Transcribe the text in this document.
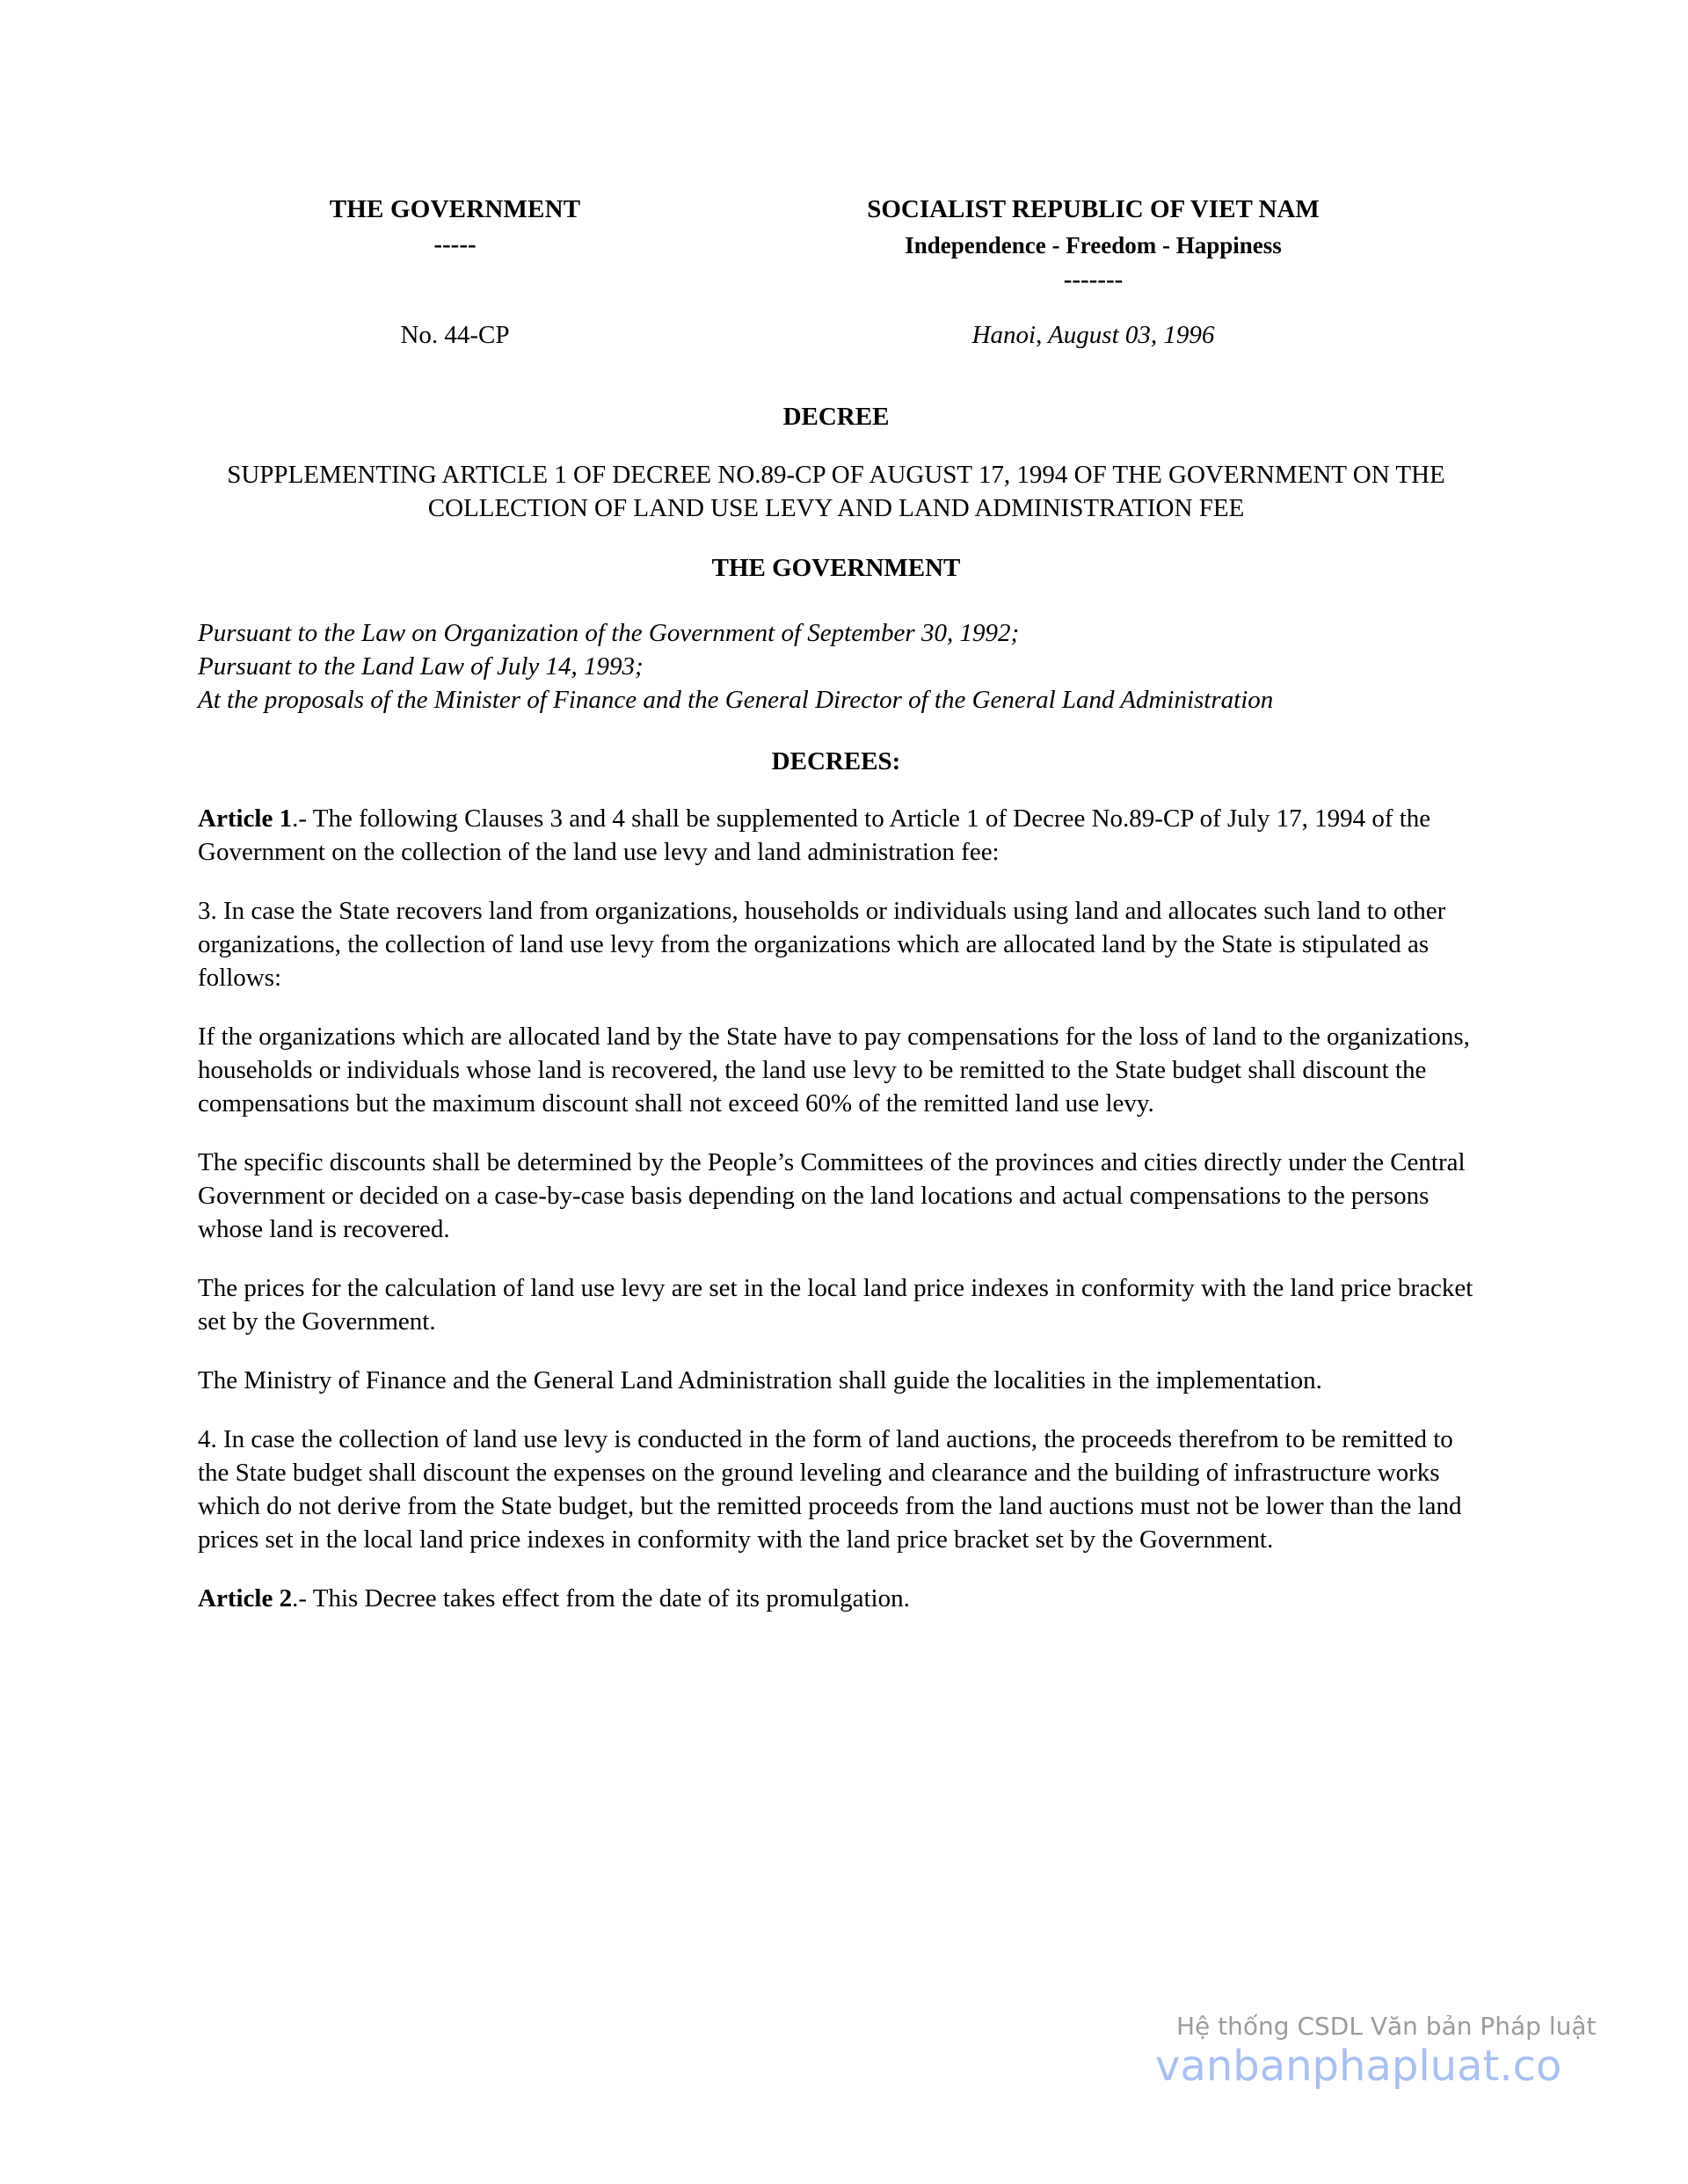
THE GOVERNMENT
-----
SOCIALIST REPUBLIC OF VIET NAM
Independence - Freedom - Happiness
-------
No. 44-CP	Hanoi, August 03, 1996
DECREE
SUPPLEMENTING ARTICLE 1 OF DECREE NO.89-CP OF AUGUST 17, 1994 OF THE GOVERNMENT ON THE COLLECTION OF LAND USE LEVY AND LAND ADMINISTRATION FEE
THE GOVERNMENT
Pursuant to the Law on Organization of the Government of September 30, 1992;
Pursuant to the Land Law of July 14, 1993;
At the proposals of the Minister of Finance and the General Director of the General Land Administration
DECREES:

Article 1.- The following Clauses 3 and 4 shall be supplemented to Article 1 of Decree No.89-CP of July 17, 1994 of the Government on the collection of the land use levy and land administration fee:

3. In case the State recovers land from organizations, households or individuals using land and allocates such land to other organizations, the collection of land use levy from the organizations which are allocated land by the State is stipulated as follows:

If the organizations which are allocated land by the State have to pay compensations for the loss of land to the organizations, households or individuals whose land is recovered, the land use levy to be remitted to the State budget shall discount the compensations but the maximum discount shall not exceed 60% of the remitted land use levy.

The specific discounts shall be determined by the People’s Committees of the provinces and cities directly under the Central Government or decided on a case-by-case basis depending on the land locations and actual compensations to the persons whose land is recovered.

The prices for the calculation of land use levy are set in the local land price indexes in conformity with the land price bracket set by the Government.

The Ministry of Finance and the General Land Administration shall guide the localities in the implementation.

4. In case the collection of land use levy is conducted in the form of land auctions, the proceeds therefrom to be remitted to the State budget shall discount the expenses on the ground leveling and clearance and the building of infrastructure works which do not derive from the State budget, but the remitted proceeds from the land auctions must not be lower than the land prices set in the local land price indexes in conformity with the land price bracket set by the Government.

Article 2.- This Decree takes effect from the date of its promulgation.

Hệ thống CSDL Văn bản Pháp luật
vanbanphapluat.co
